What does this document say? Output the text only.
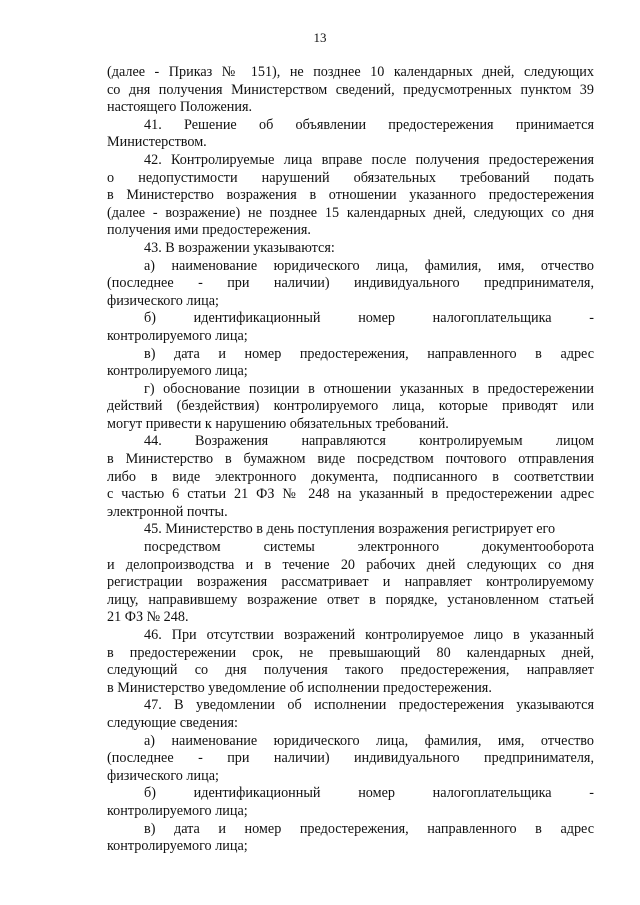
13
(далее - Приказ № 151), не позднее 10 календарных дней, следующих
со дня получения Министерством сведений, предусмотренных пунктом 39
настоящего Положения.
41. Решение об объявлении предостережения принимается
Министерством.
42. Контролируемые лица вправе после получения предостережения
о недопустимости нарушений обязательных требований подать
в Министерство возражения в отношении указанного предостережения
(далее - возражение) не позднее 15 календарных дней, следующих со дня
получения ими предостережения.
43. В возражении указываются:
а) наименование юридического лица, фамилия, имя, отчество
(последнее - при наличии) индивидуального предпринимателя,
физического лица;
б) идентификационный номер налогоплательщика -
контролируемого лица;
в) дата и номер предостережения, направленного в адрес
контролируемого лица;
г) обоснование позиции в отношении указанных в предостережении
действий (бездействия) контролируемого лица, которые приводят или
могут привести к нарушению обязательных требований.
44. Возражения направляются контролируемым лицом
в Министерство в бумажном виде посредством почтового отправления
либо в виде электронного документа, подписанного в соответствии
с частью 6 статьи 21 ФЗ № 248 на указанный в предостережении адрес
электронной почты.
45. Министерство в день поступления возражения регистрирует его
посредством системы электронного документооборота
и делопроизводства и в течение 20 рабочих дней следующих со дня
регистрации возражения рассматривает и направляет контролируемому
лицу, направившему возражение ответ в порядке, установленном статьей
21 ФЗ № 248.
46. При отсутствии возражений контролируемое лицо в указанный
в предостережении срок, не превышающий 80 календарных дней,
следующий со дня получения такого предостережения, направляет
в Министерство уведомление об исполнении предостережения.
47. В уведомлении об исполнении предостережения указываются
следующие сведения:
а) наименование юридического лица, фамилия, имя, отчество
(последнее - при наличии) индивидуального предпринимателя,
физического лица;
б) идентификационный номер налогоплательщика -
контролируемого лица;
в) дата и номер предостережения, направленного в адрес
контролируемого лица;
